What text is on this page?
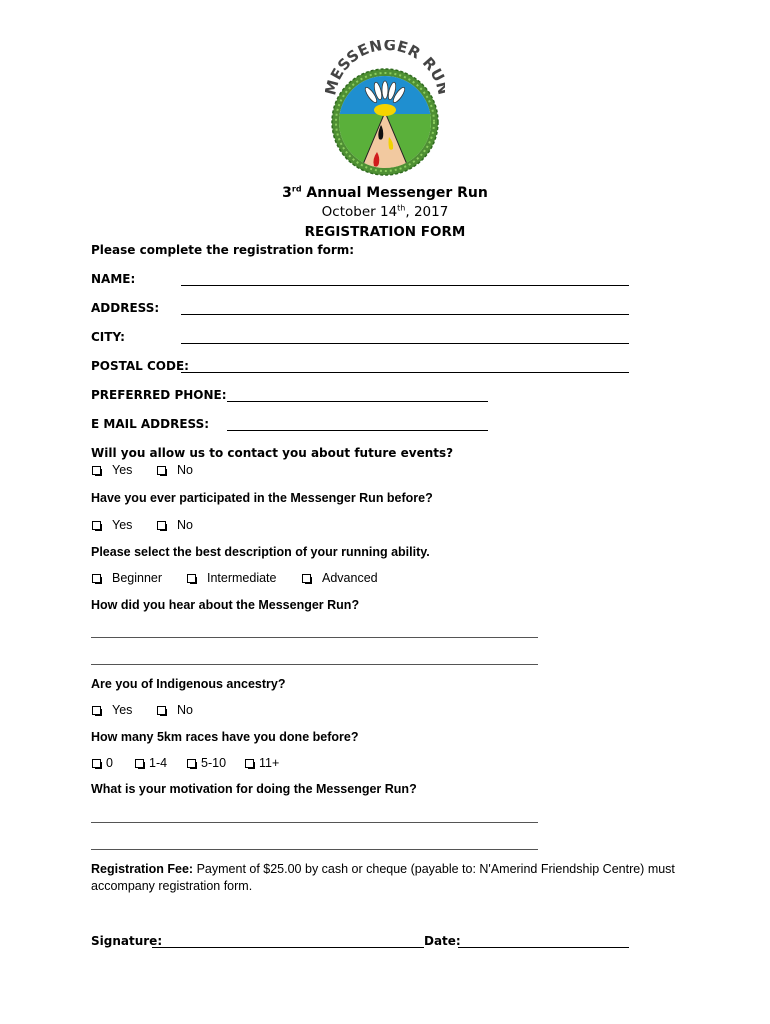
ESSENGER R
3rd Annual Messenger Run
October 14th, 2017
REGISTRATION FORM
Please complete the registration form:
NAME:
ADDRESS:
CITY:
POSTAL CODE:
PREFERRED PHONE:
E MAIL ADDRESS:
Will you allow us to contact you about future events?
Yes	No
Have you ever participated in the Messenger Run before?
Yes	No
Please select the best description of your running ability.
Beginner	Intermediate	Advanced
How did you hear about the Messenger Run?
Are you of Indigenous ancestry?
Yes	No
How many 5km races have you done before?
0	1-4	5-10	11+
What is your motivation for doing the Messenger Run?
Registration Fee: Payment of $25.00 by cash or cheque (payable to: N'Amerind Friendship Centre) must accompany registration form.
Signature:	Date:
